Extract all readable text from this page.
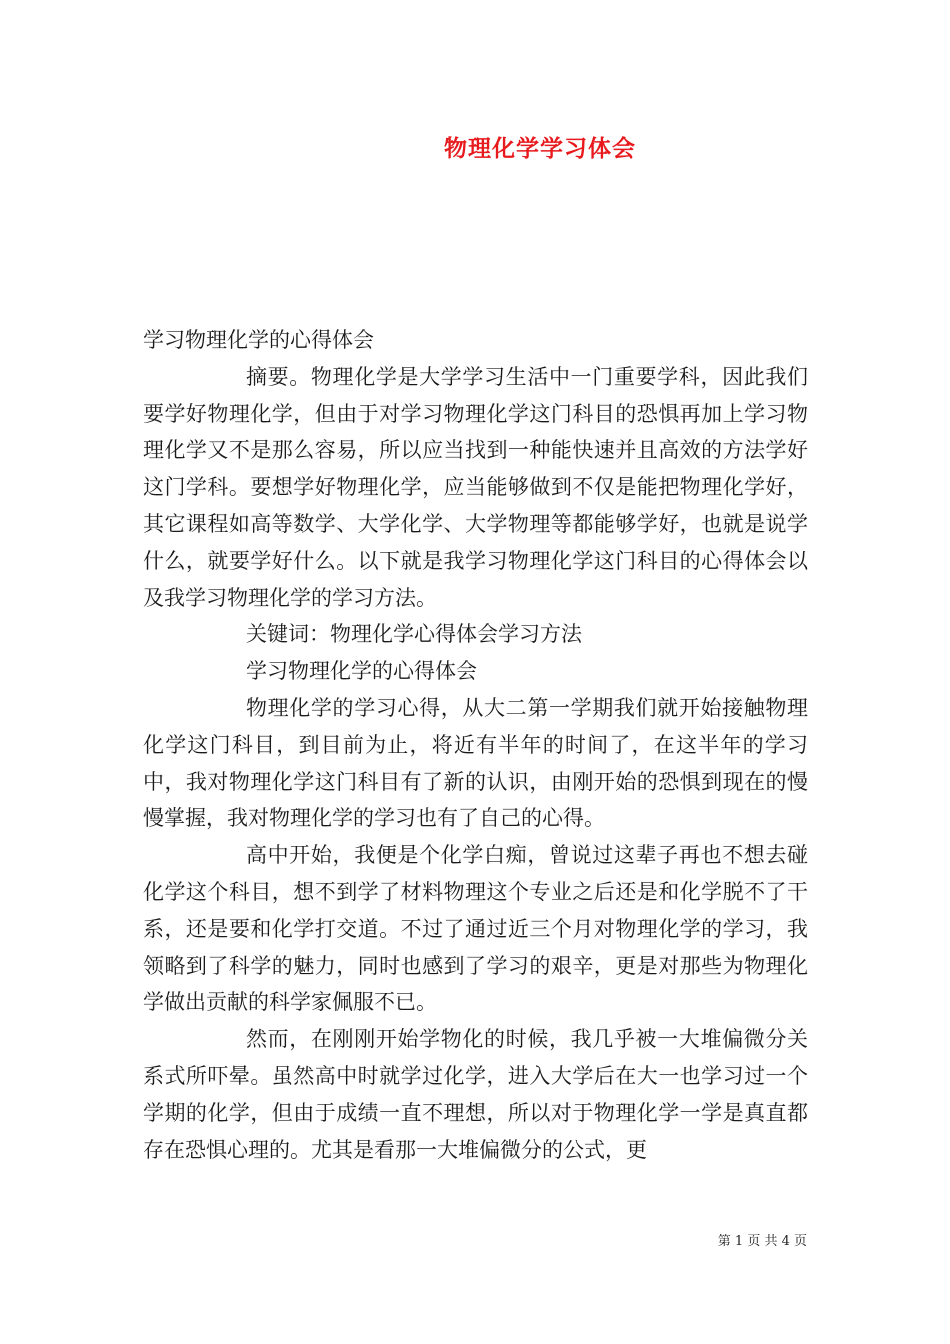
物理化学学习体会

学习物理化学的心得体会

摘要。物理化学是大学学习生活中一门重要学科，因此我们要学好物理化学，但由于对学习物理化学这门科目的恐惧再加上学习物理化学又不是那么容易，所以应当找到一种能快速并且高效的方法学好这门学科。要想学好物理化学，应当能够做到不仅是能把物理化学好，其它课程如高等数学、大学化学、大学物理等都能够学好，也就是说学什么，就要学好什么。以下就是我学习物理化学这门科目的心得体会以及我学习物理化学的学习方法。

关键词：物理化学心得体会学习方法

学习物理化学的心得体会

物理化学的学习心得，从大二第一学期我们就开始接触物理化学这门科目，到目前为止，将近有半年的时间了，在这半年的学习中，我对物理化学这门科目有了新的认识，由刚开始的恐惧到现在的慢慢掌握，我对物理化学的学习也有了自己的心得。

高中开始，我便是个化学白痴，曾说过这辈子再也不想去碰化学这个科目，想不到学了材料物理这个专业之后还是和化学脱不了干系，还是要和化学打交道。不过了通过近三个月对物理化学的学习，我领略到了科学的魅力，同时也感到了学习的艰辛，更是对那些为物理化学做出贡献的科学家佩服不已。

然而，在刚刚开始学物化的时候，我几乎被一大堆偏微分关系式所吓晕。虽然高中时就学过化学，进入大学后在大一也学习过一个学期的化学，但由于成绩一直不理想，所以对于物理化学一学是真直都存在恐惧心理的。尤其是看那一大堆偏微分的公式，更

第 1 页 共 4 页
